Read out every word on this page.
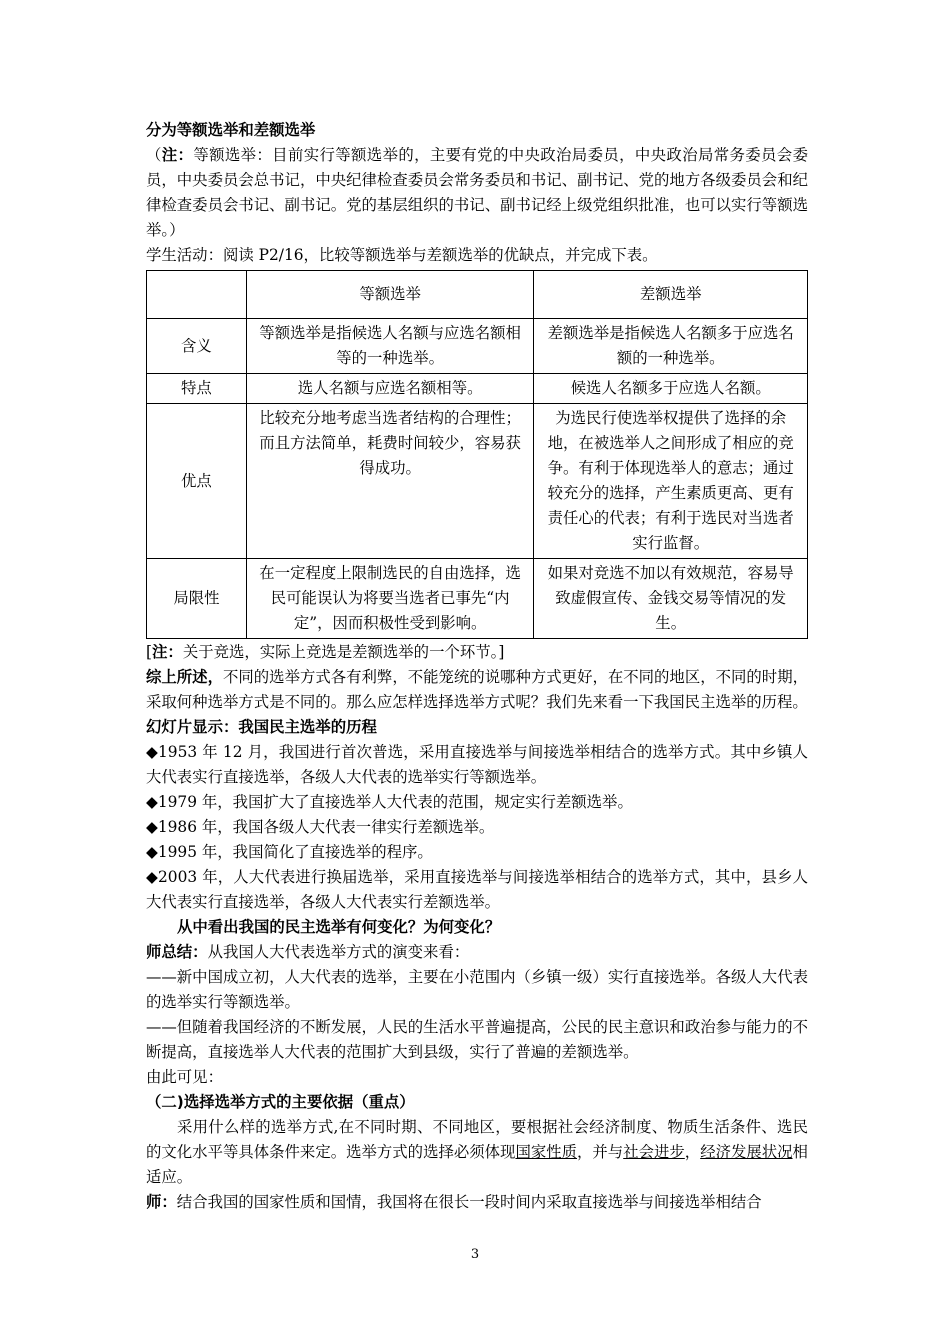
分为等额选举和差额选举
（注：等额选举：目前实行等额选举的，主要有党的中央政治局委员，中央政治局常务委员会委员，中央委员会总书记，中央纪律检查委员会常务委员和书记、副书记、党的地方各级委员会和纪律检查委员会书记、副书记。党的基层组织的书记、副书记经上级党组织批准，也可以实行等额选举。）
学生活动：阅读 P2/16，比较等额选举与差额选举的优缺点，并完成下表。
	等额选举	差额选举
含义	等额选举是指候选人名额与应选名额相等的一种选举。	差额选举是指候选人名额多于应选名额的一种选举。
特点	选人名额与应选名额相等。	候选人名额多于应选人名额。
优点	比较充分地考虑当选者结构的合理性；而且方法简单，耗费时间较少，容易获得成功。	为选民行使选举权提供了选择的余地，在被选举人之间形成了相应的竞争。有利于体现选举人的意志；通过较充分的选择，产生素质更高、更有责任心的代表；有利于选民对当选者实行监督。
局限性	在一定程度上限制选民的自由选择，选民可能误认为将要当选者已事先“内定”，因而积极性受到影响。	如果对竞选不加以有效规范，容易导致虚假宣传、金钱交易等情况的发生。
[注：关于竞选，实际上竞选是差额选举的一个环节。]
综上所述，不同的选举方式各有利弊，不能笼统的说哪种方式更好，在不同的地区，不同的时期，采取何种选举方式是不同的。那么应怎样选择选举方式呢？我们先来看一下我国民主选举的历程。
幻灯片显示：我国民主选举的历程
◆1953 年 12 月，我国进行首次普选，采用直接选举与间接选举相结合的选举方式。其中乡镇人大代表实行直接选举，各级人大代表的选举实行等额选举。
◆1979 年，我国扩大了直接选举人大代表的范围，规定实行差额选举。
◆1986 年，我国各级人大代表一律实行差额选举。
◆1995 年，我国简化了直接选举的程序。
◆2003 年，人大代表进行换届选举，采用直接选举与间接选举相结合的选举方式，其中，县乡人大代表实行直接选举，各级人大代表实行差额选举。
从中看出我国的民主选举有何变化？为何变化？
师总结：从我国人大代表选举方式的演变来看：
——新中国成立初，人大代表的选举，主要在小范围内（乡镇一级）实行直接选举。各级人大代表的选举实行等额选举。
——但随着我国经济的不断发展，人民的生活水平普遍提高，公民的民主意识和政治参与能力的不断提高，直接选举人大代表的范围扩大到县级，实行了普遍的差额选举。
由此可见：
（二)选择选举方式的主要依据（重点）
采用什么样的选举方式,在不同时期、不同地区，要根据社会经济制度、物质生活条件、选民的文化水平等具体条件来定。选举方式的选择必须体现国家性质，并与社会进步，经济发展状况相适应。
师：结合我国的国家性质和国情，我国将在很长一段时间内采取直接选举与间接选举相结合
3
